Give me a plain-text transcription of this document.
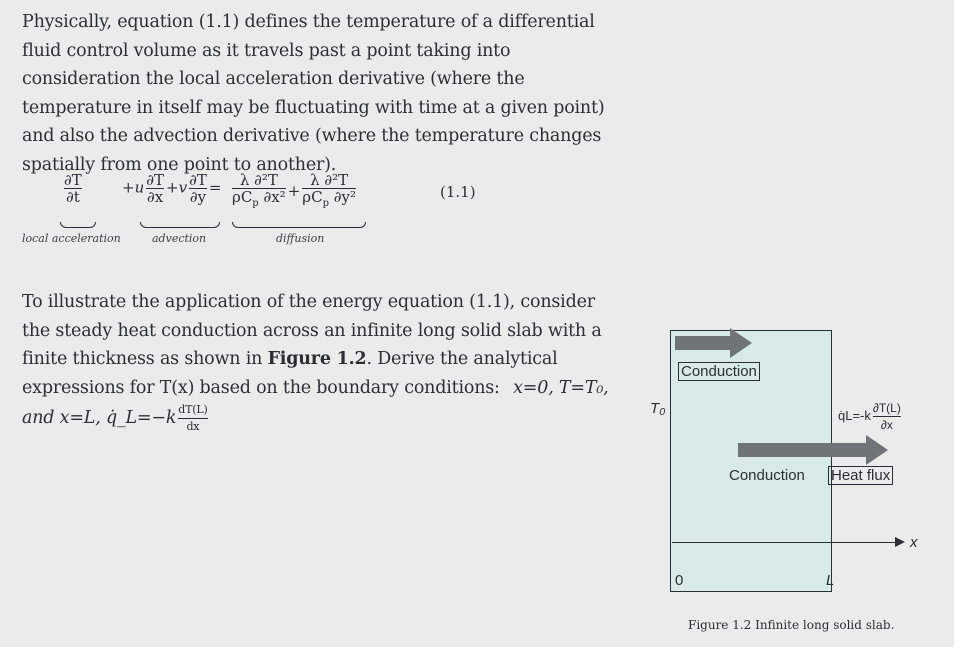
Physically, equation (1.1) defines the temperature of a differential fluid control volume as it travels past a point taking into consideration the local acceleration derivative (where the temperature in itself may be fluctuating with time at a given point) and also the advection derivative (where the temperature changes spatially from one point to another).
$\frac{\partial T}{\partial t}$	$+u \frac{\partial T}{\partial x} +v \frac{\partial T}{\partial y} = \frac{\text{λ ∂²T}}{\rho C_p \partial x^2} + \frac{\text{λ ∂²T}}{\rho C_p \partial y^2}$
local acceleration	advection	diffusion
(1.1)
To illustrate the application of the energy equation (1.1), consider the steady heat conduction across an infinite long solid slab with a finite thickness as shown in Figure 1.2. Derive the analytical expressions for T(x) based on the boundary conditions: x=0, T=T₀, and x=L, q̇_L=−k $\frac{dT(L)}{dx}$
Conduction
T₀	q̇L=-k $\frac{\partial T(L)}{\partial x}$
Conduction Heat flux
x
0	L
Figure 1.2 Infinite long solid slab.
